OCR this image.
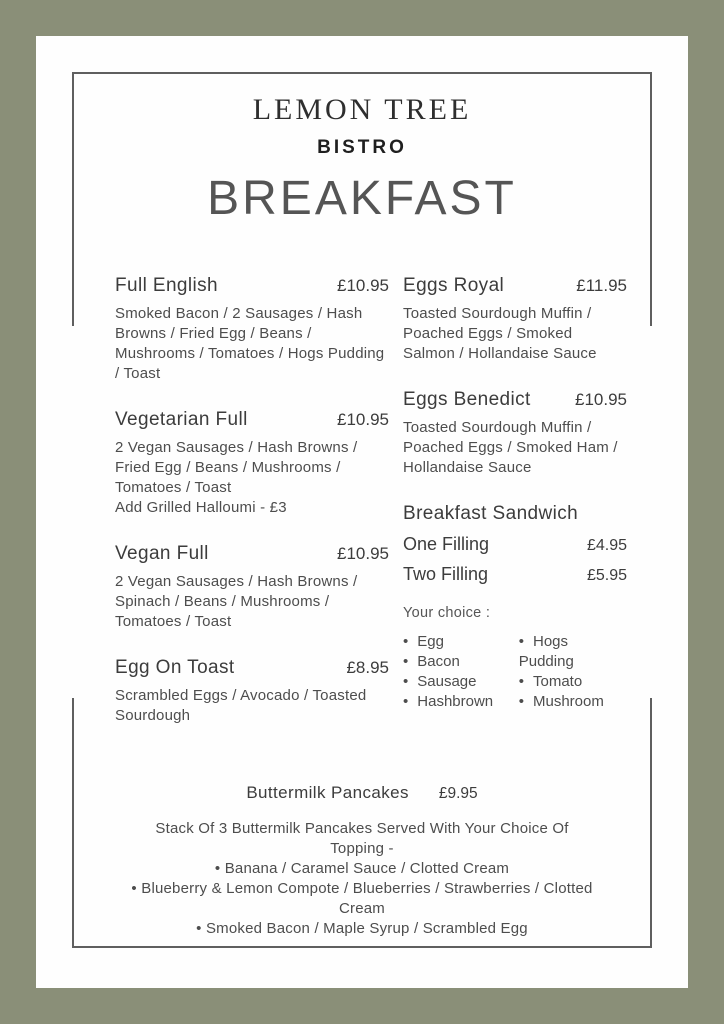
LEMON TREE
BISTRO
BREAKFAST
Full English	£10.95

Smoked Bacon / 2 Sausages / Hash Browns / Fried Egg / Beans / Mushrooms / Tomatoes / Hogs Pudding / Toast

Vegetarian Full	£10.95

2 Vegan Sausages / Hash Browns / Fried Egg / Beans / Mushrooms / Tomatoes / Toast

Add Grilled Halloumi - £3

Vegan Full	£10.95

2 Vegan Sausages / Hash Browns / Spinach / Beans / Mushrooms / Tomatoes / Toast

Egg On Toast	£8.95

Scrambled Eggs / Avocado / Toasted Sourdough

Eggs Royal	£11.95

Toasted Sourdough Muffin / Poached Eggs / Smoked Salmon / Hollandaise Sauce

Eggs Benedict	£10.95

Toasted Sourdough Muffin / Poached Eggs / Smoked Ham / Hollandaise Sauce

Breakfast Sandwich
One Filling	£4.95
Two Filling	£5.95
Your choice :
• Egg
• Bacon
• Sausage
• Hashbrown
• Hogs Pudding
• Tomato
• Mushroom
Buttermilk Pancakes £9.95

Stack Of 3 Buttermilk Pancakes Served With Your Choice Of Topping -

• Banana / Caramel Sauce / Clotted Cream
• Blueberry & Lemon Compote / Blueberries / Strawberries / Clotted Cream
• Smoked Bacon / Maple Syrup / Scrambled Egg
